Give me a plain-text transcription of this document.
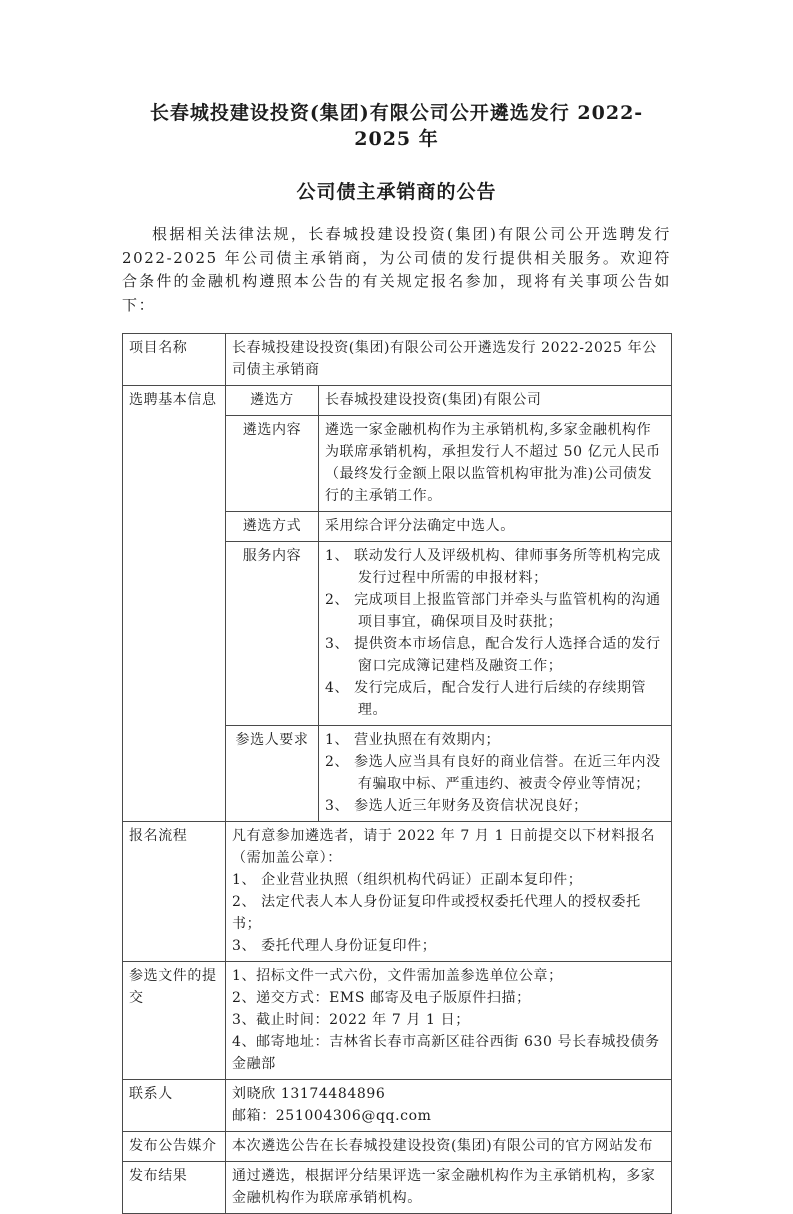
长春城投建设投资(集团)有限公司公开遴选发行 2022-2025 年
公司债主承销商的公告

根据相关法律法规，长春城投建设投资(集团)有限公司公开选聘发行 2022-2025 年公司债主承销商，为公司债的发行提供相关服务。欢迎符合条件的金融机构遵照本公告的有关规定报名参加，现将有关事项公告如下：

项目名称	长春城投建设投资(集团)有限公司公开遴选发行 2022-2025 年公司债主承销商	
选聘基本信息	遴选方	长春城投建设投资(集团)有限公司
	遴选内容	遴选一家金融机构作为主承销机构,多家金融机构作为联席承销机构，承担发行人不超过 50 亿元人民币（最终发行金额上限以监管机构审批为准)公司债发行的主承销工作。
	遴选方式	采用综合评分法确定中选人。
	服务内容	1、 联动发行人及评级机构、律师事务所等机构完成发行过程中所需的申报材料；
2、 完成项目上报监管部门并牵头与监管机构的沟通项目事宜，确保项目及时获批；
3、 提供资本市场信息，配合发行人选择合适的发行窗口完成簿记建档及融资工作；
4、 发行完成后，配合发行人进行后续的存续期管理。

	参选人要求	1、 营业执照在有效期内；
2、 参选人应当具有良好的商业信誉。在近三年内没有骗取中标、严重违约、被责令停业等情况；
3、 参选人近三年财务及资信状况良好；

报名流程	凡有意参加遴选者，请于 2022 年 7 月 1 日前提交以下材料报名（需加盖公章）：
1、 企业营业执照（组织机构代码证）正副本复印件；
2、 法定代表人本人身份证复印件或授权委托代理人的授权委托书；
3、 委托代理人身份证复印件；	

参选文件的提交	1、招标文件一式六份，文件需加盖参选单位公章；
2、递交方式：EMS 邮寄及电子版原件扫描；
3、截止时间：2022 年 7 月 1 日；
4、邮寄地址：吉林省长春市高新区硅谷西街 630 号长春城投债务金融部	

联系人	刘晓欣 13174484896
邮箱：251004306@qq.com	

发布公告媒介	本次遴选公告在长春城投建设投资(集团)有限公司的官方网站发布	
发布结果	通过遴选，根据评分结果评选一家金融机构作为主承销机构，多家金融机构作为联席承销机构。	
